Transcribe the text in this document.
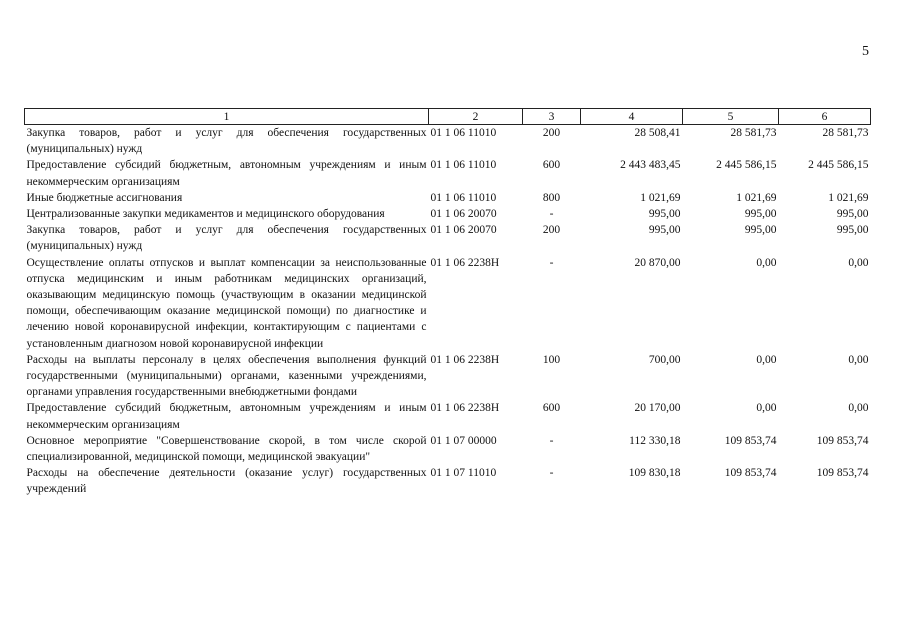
5
1	2	3	4	5	6
Закупка товаров, работ и услуг для обеспечения государственных (муниципальных) нужд	01 1 06 11010	200	28 508,41	28 581,73	28 581,73
Предоставление субсидий бюджетным, автономным учреждениям и иным некоммерческим организациям	01 1 06 11010	600	2 443 483,45	2 445 586,15	2 445 586,15
Иные бюджетные ассигнования	01 1 06 11010	800	1 021,69	1 021,69	1 021,69
Централизованные закупки медикаментов и медицинского оборудования	01 1 06 20070	-	995,00	995,00	995,00
Закупка товаров, работ и услуг для обеспечения государственных (муниципальных) нужд	01 1 06 20070	200	995,00	995,00	995,00
Осуществление оплаты отпусков и выплат компенсации за неиспользованные отпуска медицинским и иным работникам медицинских организаций, оказывающим медицинскую помощь (участвующим в оказании медицинской помощи, обеспечивающим оказание медицинской помощи) по диагностике и лечению новой коронавирусной инфекции, контактирующим с пациентами с установленным диагнозом новой коронавирусной инфекции	01 1 06 2238Н	-	20 870,00	0,00	0,00
Расходы на выплаты персоналу в целях обеспечения выполнения функций государственными (муниципальными) органами, казенными учреждениями, органами управления государственными внебюджетными фондами	01 1 06 2238Н	100	700,00	0,00	0,00
Предоставление субсидий бюджетным, автономным учреждениям и иным некоммерческим организациям	01 1 06 2238Н	600	20 170,00	0,00	0,00
Основное мероприятие "Совершенствование скорой, в том числе скорой специализированной, медицинской помощи, медицинской эвакуации"	01 1 07 00000	-	112 330,18	109 853,74	109 853,74
Расходы на обеспечение деятельности (оказание услуг) государственных учреждений	01 1 07 11010	-	109 830,18	109 853,74	109 853,74
